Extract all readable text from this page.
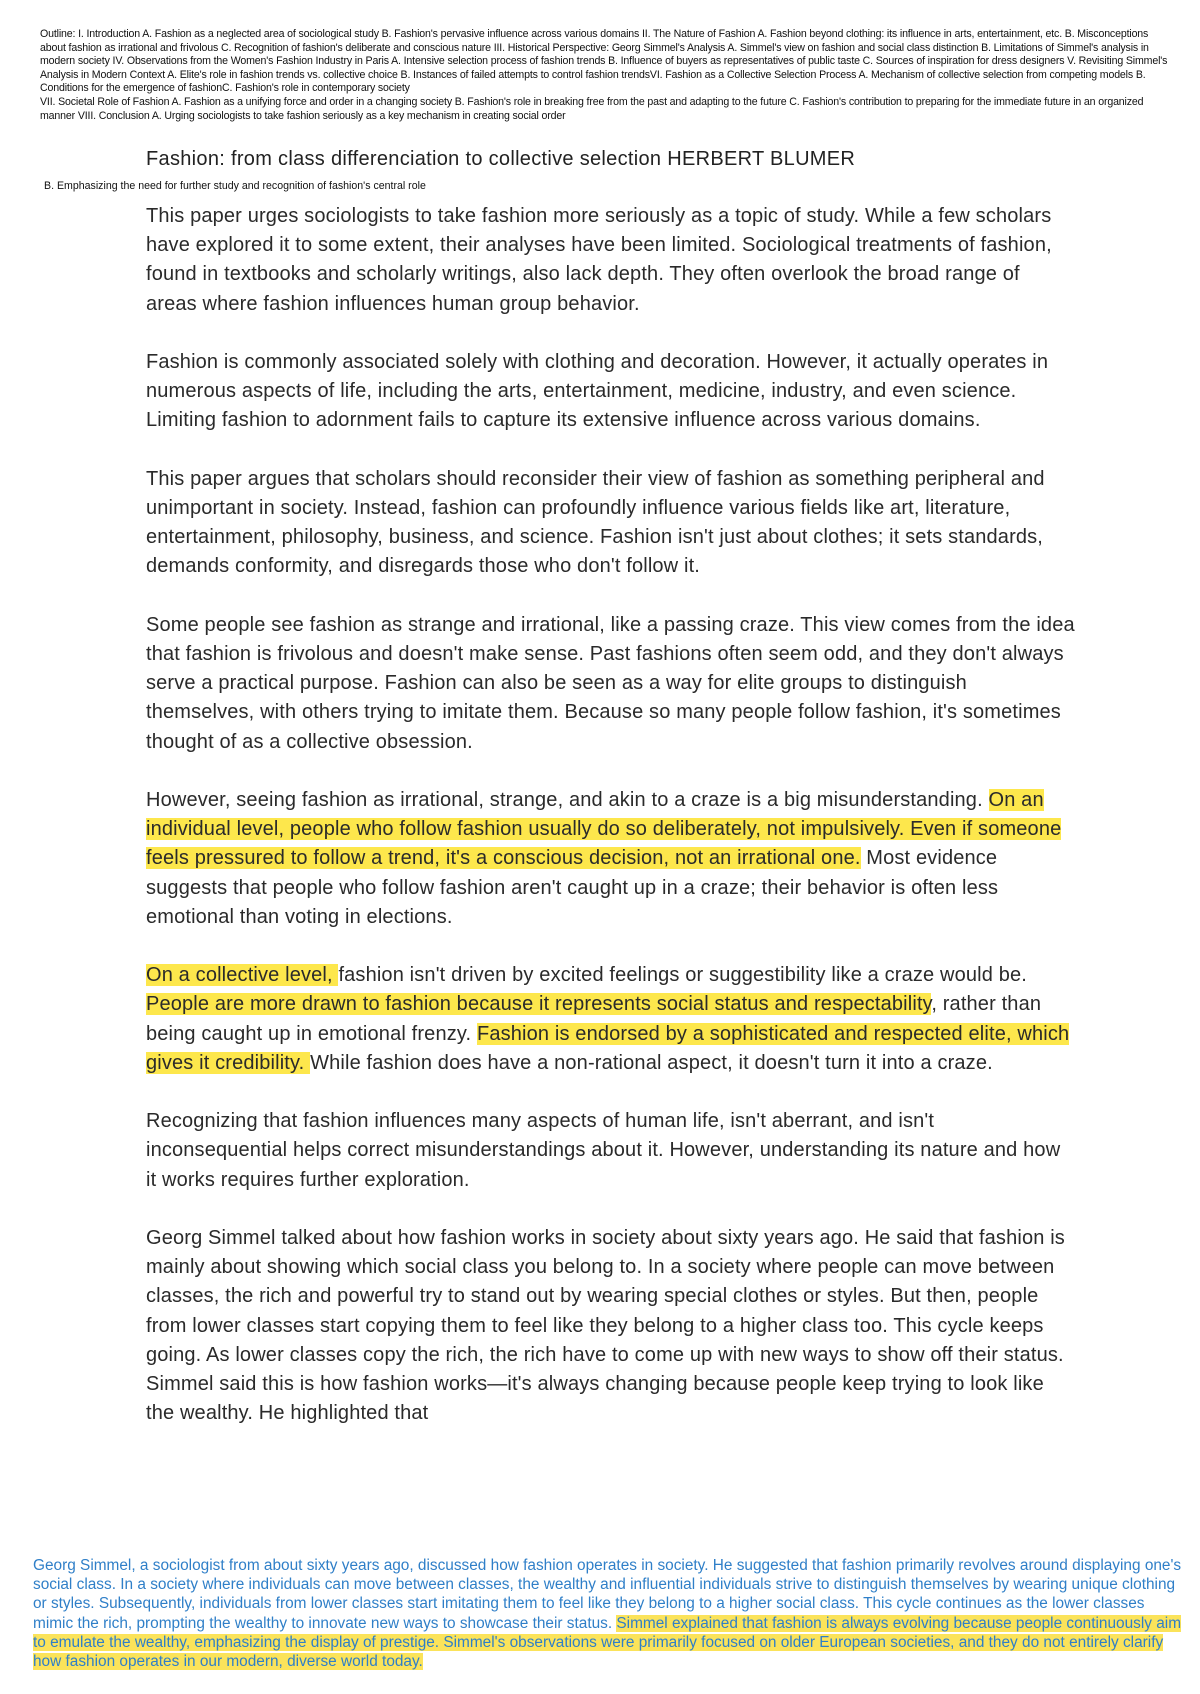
Outline: I. Introduction A. Fashion as a neglected area of sociological study B. Fashion's pervasive influence across various domains II. The Nature of Fashion A. Fashion beyond clothing: its influence in arts, entertainment, etc. B. Misconceptions about fashion as irrational and frivolous C. Recognition of fashion's deliberate and conscious nature III. Historical Perspective: Georg Simmel's Analysis A. Simmel's view on fashion and social class distinction B. Limitations of Simmel's analysis in modern society IV. Observations from the Women's Fashion Industry in Paris A. Intensive selection process of fashion trends B. Influence of buyers as representatives of public taste C. Sources of inspiration for dress designers V. Revisiting Simmel's Analysis in Modern Context A. Elite's role in fashion trends vs. collective choice B. Instances of failed attempts to control fashion trendsVI. Fashion as a Collective Selection Process A. Mechanism of collective selection from competing models B. Conditions for the emergence of fashionC. Fashion's role in contemporary society

VII. Societal Role of Fashion A. Fashion as a unifying force and order in a changing society B. Fashion's role in breaking free from the past and adapting to the future C. Fashion's contribution to preparing for the immediate future in an organized manner VIII. Conclusion A. Urging sociologists to take fashion seriously as a key mechanism in creating social order

Fashion: from class differenciation to collective selection HERBERT BLUMER
B. Emphasizing the need for further study and recognition of fashion's central role

This paper urges sociologists to take fashion more seriously as a topic of study. While a few scholars have explored it to some extent, their analyses have been limited. Sociological treatments of fashion, found in textbooks and scholarly writings, also lack depth. They often overlook the broad range of areas where fashion influences human group behavior.

Fashion is commonly associated solely with clothing and decoration. However, it actually operates in numerous aspects of life, including the arts, entertainment, medicine, industry, and even science. Limiting fashion to adornment fails to capture its extensive influence across various domains.

This paper argues that scholars should reconsider their view of fashion as something peripheral and unimportant in society. Instead, fashion can profoundly influence various fields like art, literature, entertainment, philosophy, business, and science. Fashion isn't just about clothes; it sets standards, demands conformity, and disregards those who don't follow it.

Some people see fashion as strange and irrational, like a passing craze. This view comes from the idea that fashion is frivolous and doesn't make sense. Past fashions often seem odd, and they don't always serve a practical purpose. Fashion can also be seen as a way for elite groups to distinguish themselves, with others trying to imitate them. Because so many people follow fashion, it's sometimes thought of as a collective obsession.

However, seeing fashion as irrational, strange, and akin to a craze is a big misunderstanding. On an individual level, people who follow fashion usually do so deliberately, not impulsively. Even if someone feels pressured to follow a trend, it's a conscious decision, not an irrational one. Most evidence suggests that people who follow fashion aren't caught up in a craze; their behavior is often less emotional than voting in elections.

On a collective level, fashion isn't driven by excited feelings or suggestibility like a craze would be. People are more drawn to fashion because it represents social status and respectability, rather than being caught up in emotional frenzy. Fashion is endorsed by a sophisticated and respected elite, which gives it credibility. While fashion does have a non-rational aspect, it doesn't turn it into a craze.

Recognizing that fashion influences many aspects of human life, isn't aberrant, and isn't inconsequential helps correct misunderstandings about it. However, understanding its nature and how it works requires further exploration.

Georg Simmel talked about how fashion works in society about sixty years ago. He said that fashion is mainly about showing which social class you belong to. In a society where people can move between classes, the rich and powerful try to stand out by wearing special clothes or styles. But then, people from lower classes start copying them to feel like they belong to a higher class too. This cycle keeps going. As lower classes copy the rich, the rich have to come up with new ways to show off their status. Simmel said this is how fashion works—it's always changing because people keep trying to look like the wealthy. He highlighted that

Georg Simmel, a sociologist from about sixty years ago, discussed how fashion operates in society. He suggested that fashion primarily revolves around displaying one's social class. In a society where individuals can move between classes, the wealthy and influential individuals strive to distinguish themselves by wearing unique clothing or styles. Subsequently, individuals from lower classes start imitating them to feel like they belong to a higher social class. This cycle continues as the lower classes mimic the rich, prompting the wealthy to innovate new ways to showcase their status. Simmel explained that fashion is always evolving because people continuously aim to emulate the wealthy, emphasizing the display of prestige. Simmel's observations were primarily focused on older European societies, and they do not entirely clarify how fashion operates in our modern, diverse world today.
